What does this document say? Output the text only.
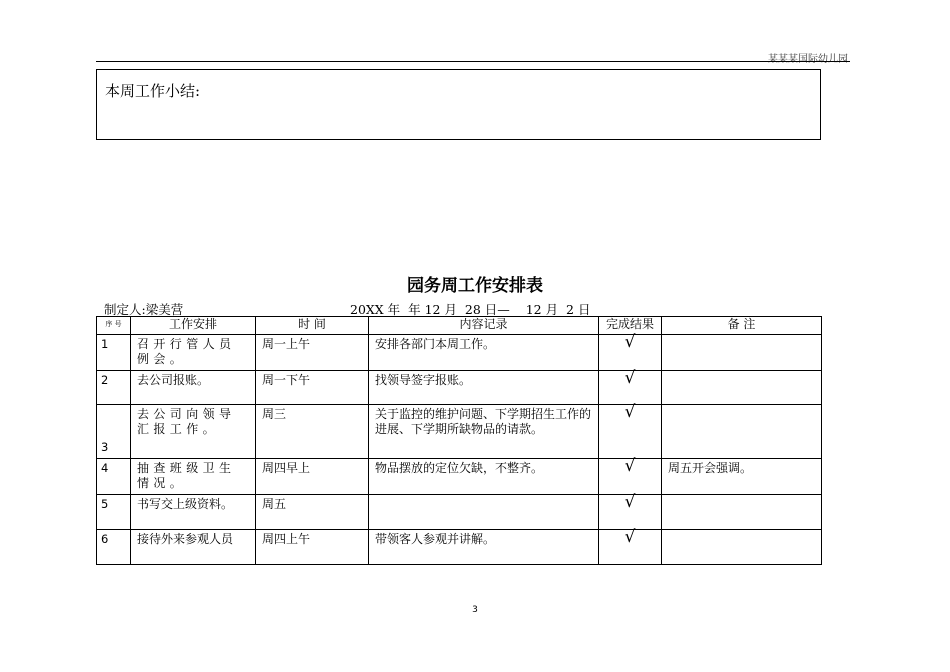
某某某国际幼儿园
本周工作小结:
园务周工作安排表
制定人:梁美营	20XX 年  年 12 月  28 日—    12 月  2 日
序 号	工作安排	时 间	内容记录	完成结果	备 注
1	召开行管人员例会。	周一上午	安排各部门本周工作。	√	
2	去公司报账。	周一下午	找领导签字报账。	√	
3	去公司向领导汇报工作。	周三	关于监控的维护问题、下学期招生工作的进展、下学期所缺物品的请款。	√	
4	抽查班级卫生情况。	周四早上	物品摆放的定位欠缺，不整齐。	√	周五开会强调。
5	书写交上级资料。	周五		√	
6	接待外来参观人员	周四上午	带领客人参观并讲解。	√	
3
